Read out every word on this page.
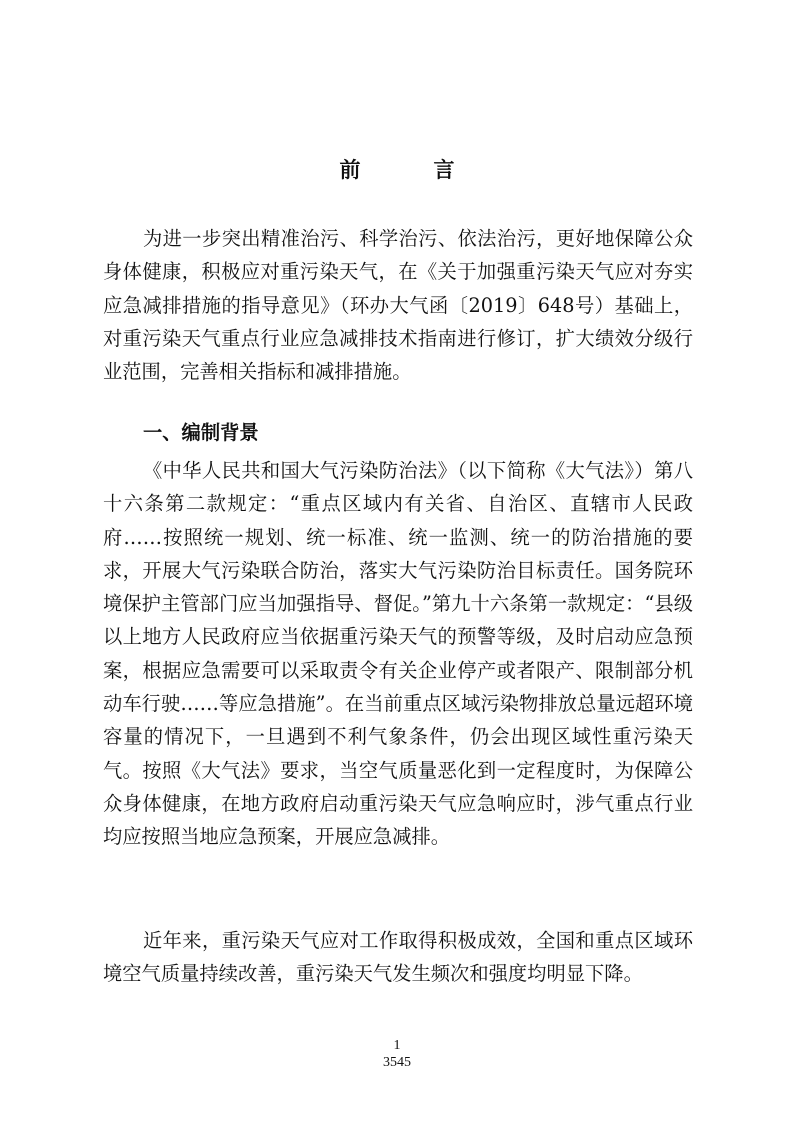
前　言

为进一步突出精准治污、科学治污、依法治污，更好地保障公众身体健康，积极应对重污染天气，在《关于加强重污染天气应对夯实应急减排措施的指导意见》（环办大气函〔2019〕648号）基础上，对重污染天气重点行业应急减排技术指南进行修订，扩大绩效分级行业范围，完善相关指标和减排措施。

一、编制背景

《中华人民共和国大气污染防治法》（以下简称《大气法》）第八十六条第二款规定：“重点区域内有关省、自治区、直辖市人民政府……按照统一规划、统一标准、统一监测、统一的防治措施的要求，开展大气污染联合防治，落实大气污染防治目标责任。国务院环境保护主管部门应当加强指导、督促。”第九十六条第一款规定：“县级以上地方人民政府应当依据重污染天气的预警等级，及时启动应急预案，根据应急需要可以采取责令有关企业停产或者限产、限制部分机动车行驶……等应急措施”。在当前重点区域污染物排放总量远超环境容量的情况下，一旦遇到不利气象条件，仍会出现区域性重污染天气。按照《大气法》要求，当空气质量恶化到一定程度时，为保障公众身体健康，在地方政府启动重污染天气应急响应时，涉气重点行业均应按照当地应急预案，开展应急减排。

近年来，重污染天气应对工作取得积极成效，全国和重点区域环境空气质量持续改善，重污染天气发生频次和强度均明显下降。

1
3545
